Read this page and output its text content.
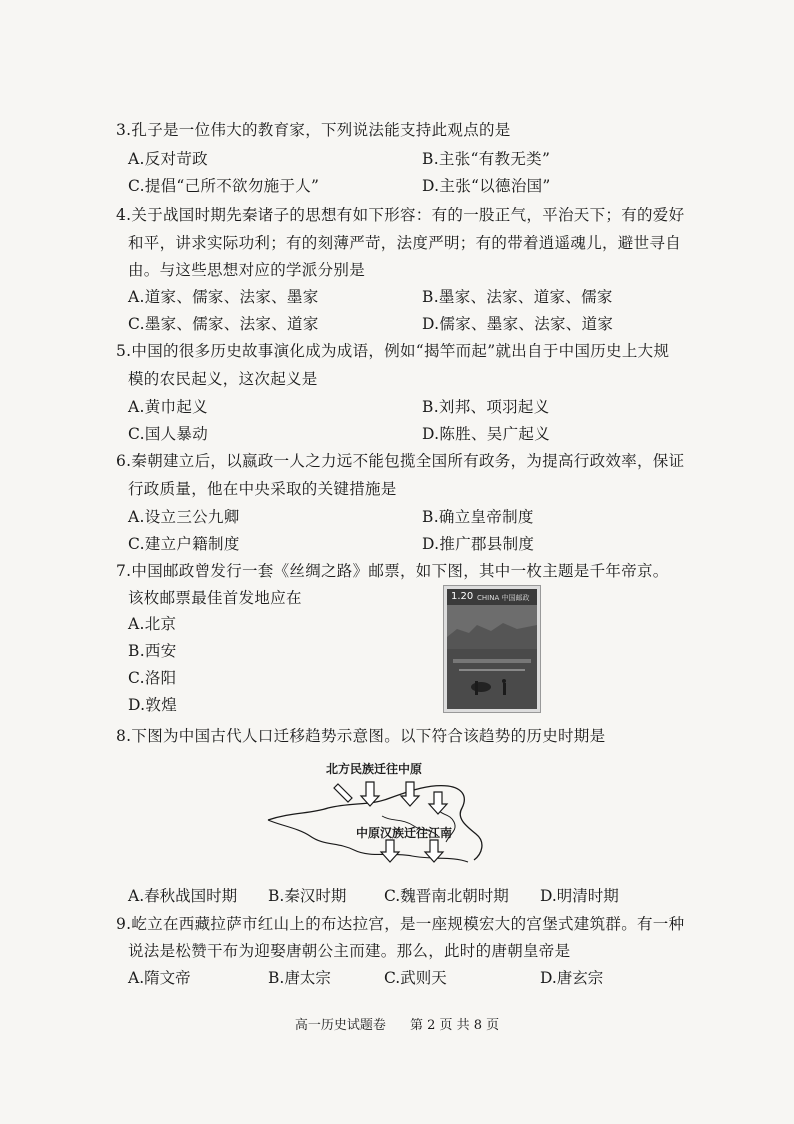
3.孔子是一位伟大的教育家，下列说法能支持此观点的是
A.反对苛政	B.主张“有教无类”
C.提倡“己所不欲勿施于人”	D.主张“以德治国”
4.关于战国时期先秦诸子的思想有如下形容：有的一股正气，平治天下；有的爱好
和平，讲求实际功利；有的刻薄严苛，法度严明；有的带着逍遥魂儿，避世寻自
由。与这些思想对应的学派分别是
A.道家、儒家、法家、墨家	B.墨家、法家、道家、儒家
C.墨家、儒家、法家、道家	D.儒家、墨家、法家、道家
5.中国的很多历史故事演化成为成语，例如“揭竿而起”就出自于中国历史上大规
模的农民起义，这次起义是
A.黄巾起义	B.刘邦、项羽起义
C.国人暴动	D.陈胜、吴广起义
6.秦朝建立后，以嬴政一人之力远不能包揽全国所有政务，为提高行政效率，保证
行政质量，他在中央采取的关键措施是
A.设立三公九卿	B.确立皇帝制度
C.建立户籍制度	D.推广郡县制度
7.中国邮政曾发行一套《丝绸之路》邮票，如下图，其中一枚主题是千年帝京。
该枚邮票最佳首发地应在
A.北京
B.西安
C.洛阳
D.敦煌
1.20 CHINA 中国邮政
8.下图为中国古代人口迁移趋势示意图。以下符合该趋势的历史时期是
北方民族迁往中原
中原汉族迁往江南
A.春秋战国时期 B.秦汉时期 C.魏晋南北朝时期 D.明清时期
9.屹立在西藏拉萨市红山上的布达拉宫，是一座规模宏大的宫堡式建筑群。有一种
说法是松赞干布为迎娶唐朝公主而建。那么，此时的唐朝皇帝是
A.隋文帝	B.唐太宗	C.武则天	D.唐玄宗
高一历史试题卷 第 2 页 共 8 页
